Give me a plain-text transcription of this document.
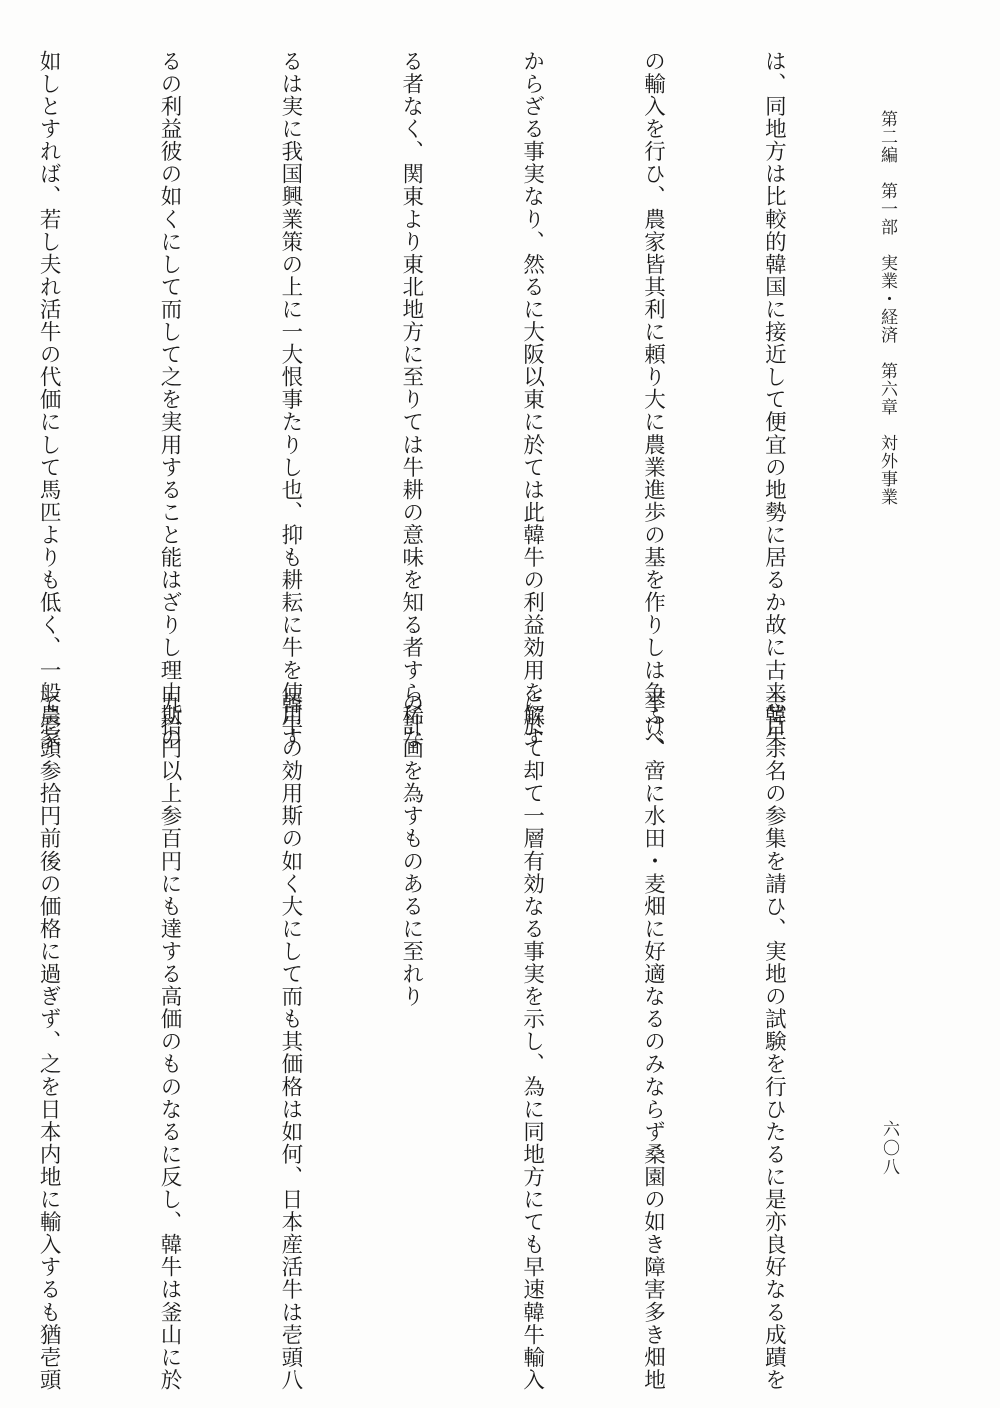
第二編　第一部　実業・経済　第六章　対外事業
六〇八

は、同地方は比較的韓国に接近して便宜の地勢に居るか故に古来韓牛

の輸入を行ひ、農家皆其利に頼り大に農業進歩の基を作りしは争ふべ

からざる事実なり、然るに大阪以東に於ては此韓牛の利益効用を解す

る者なく、関東より東北地方に至りては牛耕の意味を知る者すら稀な

るは実に我国興業策の上に一大恨事たりし也、抑も耕耘に牛を使用す

るの利益彼の如くにして而して之を実用すること能はざりし理由斯の

如しとすれば、若し夫れ活牛の代価にして馬匹よりも低く、一般農家

志百余名の参集を請ひ、実地の試験を行ひたるに是亦良好なる成蹟を

挙け、啻に水田・麦畑に好適なるのみならず桑園の如き障害多き畑地

に於て却て一層有効なる事実を示し、為に同地方にても早速韓牛輸入

の計画を為すものあるに至れり

韓牛の効用斯の如く大にして而も其価格は如何、日本産活牛は壱頭八

九拾円以上参百円にも達する高価のものなるに反し、韓牛は釜山に於

て壱頭参拾円前後の価格に過ぎず、之を日本内地に輸入するも猶壱頭
